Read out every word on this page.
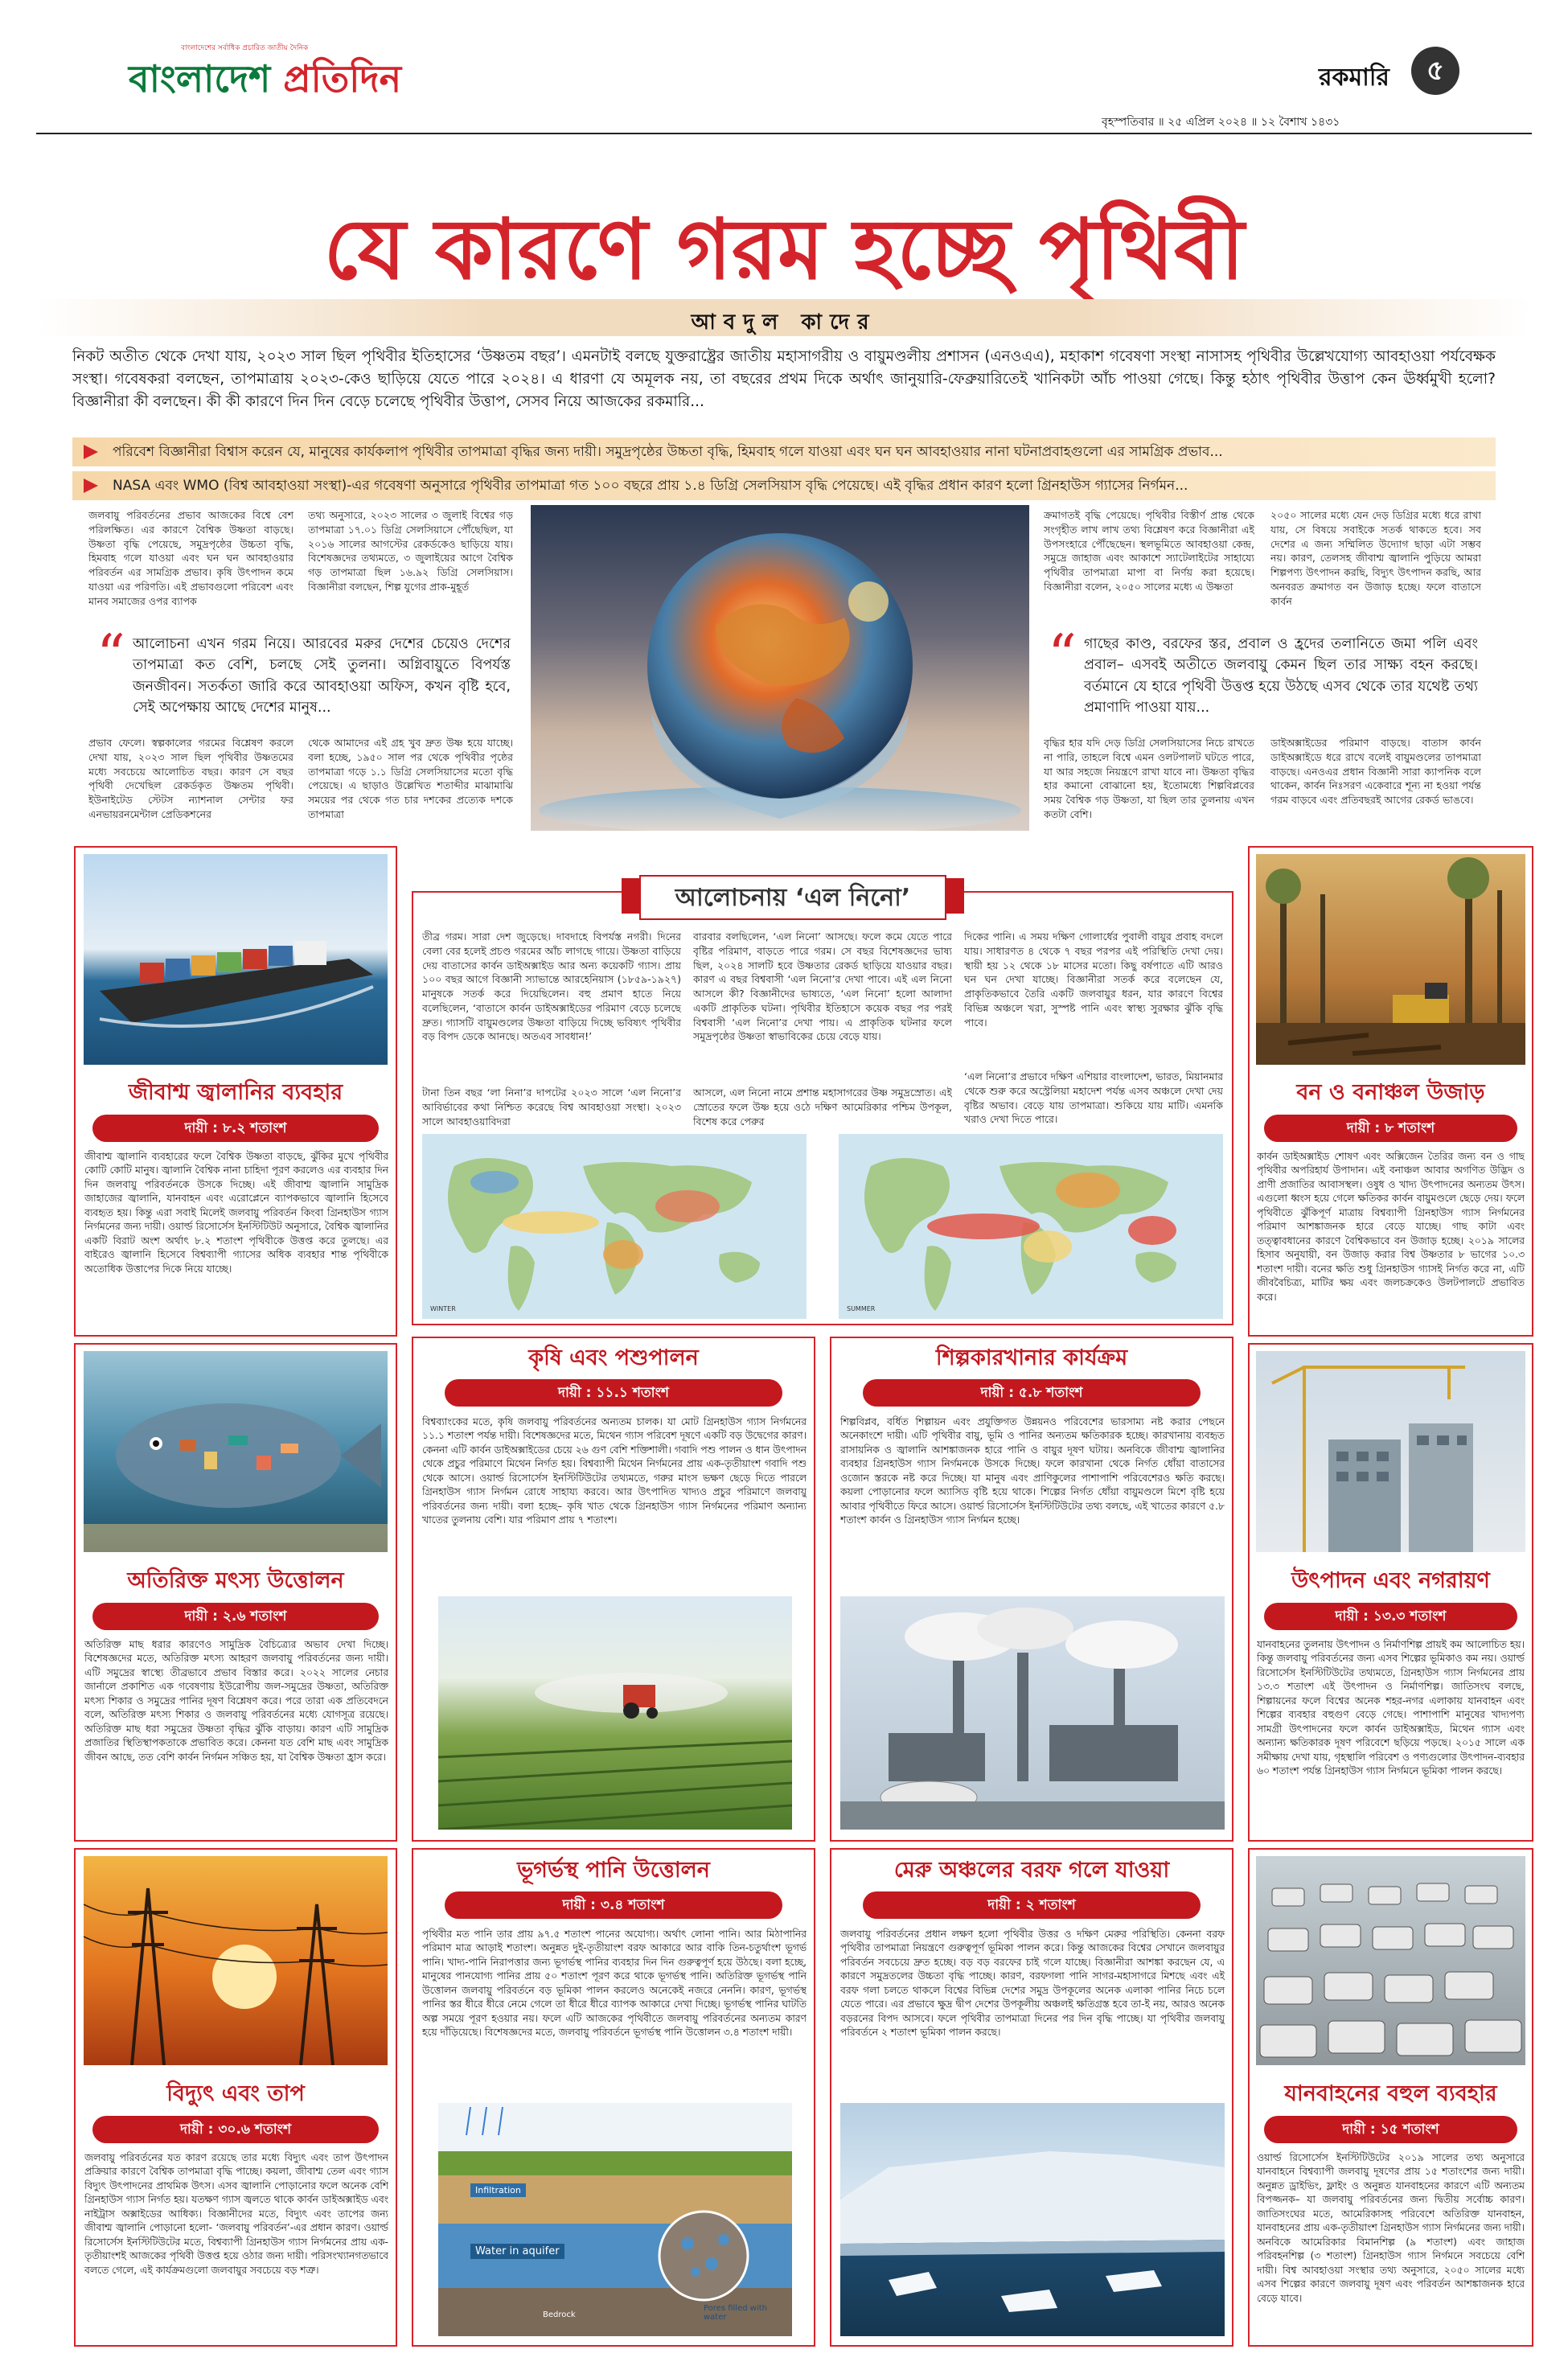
বাংলাদেশের সর্বাধিক প্রচারিত জাতীয় দৈনিক
বাংলাদেশ প্রতিদিন	রকমারি	৫
বৃহস্পতিবার ॥ ২৫ এপ্রিল ২০২৪ ॥ ১২ বৈশাখ ১৪৩১
যে কারণে গরম হচ্ছে পৃথিবী
আবদুল কাদের
নিকট অতীত থেকে দেখা যায়, ২০২৩ সাল ছিল পৃথিবীর ইতিহাসের ‘উষ্ণতম বছর’। এমনটাই বলছে যুক্তরাষ্ট্রের জাতীয় মহাসাগরীয় ও বায়ুমণ্ডলীয় প্রশাসন (এনওএএ), মহাকাশ গবেষণা সংস্থা নাসাসহ পৃথিবীর উল্লেখযোগ্য আবহাওয়া পর্যবেক্ষক সংস্থা। গবেষকরা বলছেন, তাপমাত্রায় ২০২৩-কেও ছাড়িয়ে যেতে পারে ২০২৪। এ ধারণা যে অমূলক নয়, তা বছরের প্রথম দিকে অর্থাৎ জানুয়ারি-ফেব্রুয়ারিতেই খানিকটা আঁচ পাওয়া গেছে। কিন্তু হঠাৎ পৃথিবীর উত্তাপ কেন ঊর্ধ্বমুখী হলো? বিজ্ঞানীরা কী বলছেন। কী কী কারণে দিন দিন বেড়ে চলেছে পৃথিবীর উত্তাপ, সেসব নিয়ে আজকের রকমারি...
পরিবেশ বিজ্ঞানীরা বিশ্বাস করেন যে, মানুষের কার্যকলাপ পৃথিবীর তাপমাত্রা বৃদ্ধির জন্য দায়ী। সমুদ্রপৃষ্ঠের উচ্চতা বৃদ্ধি, হিমবাহ গলে যাওয়া এবং ঘন ঘন আবহাওয়ার নানা ঘটনাপ্রবাহগুলো এর সামগ্রিক প্রভাব...
NASA এবং WMO (বিশ্ব আবহাওয়া সংস্থা)-এর গবেষণা অনুসারে পৃথিবীর তাপমাত্রা গত ১০০ বছরে প্রায় ১.৪ ডিগ্রি সেলসিয়াস বৃদ্ধি পেয়েছে। এই বৃদ্ধির প্রধান কারণ হলো গ্রিনহাউস গ্যাসের নির্গমন...
জলবায়ু পরিবর্তনের প্রভাব আজকের বিশ্বে বেশ পরিলক্ষিত। এর কারণে বৈশ্বিক উষ্ণতা বাড়ছে। উষ্ণতা বৃদ্ধি পেয়েছে, সমুদ্রপৃষ্ঠের উচ্চতা বৃদ্ধি, হিমবাহ গলে যাওয়া এবং ঘন ঘন আবহাওয়ার পরিবর্তন এর সামগ্রিক প্রভাব। কৃষি উৎপাদন কমে যাওয়া এর পরিণতি। এই প্রভাবগুলো পরিবেশ এবং মানব সমাজের ওপর ব্যাপক
তথ্য অনুসারে, ২০২৩ সালের ৩ জুলাই বিশ্বের গড় তাপমাত্রা ১৭.০১ ডিগ্রি সেলসিয়াসে পৌঁছেছিল, যা ২০১৬ সালের আগস্টের রেকর্ডকেও ছাড়িয়ে যায়। বিশেষজ্ঞদের তথ্যমতে, ৩ জুলাইয়ের আগে বৈশ্বিক গড় তাপমাত্রা ছিল ১৬.৯২ ডিগ্রি সেলসিয়াস। বিজ্ঞানীরা বলছেন, শিল্প যুগের প্রাক-মুহূর্ত
“ আলোচনা এখন গরম নিয়ে। আরবের মরুর দেশের চেয়েও দেশের তাপমাত্রা কত বেশি, চলছে সেই তুলনা। অগ্নিবায়ুতে বিপর্যস্ত জনজীবন। সতর্কতা জারি করে আবহাওয়া অফিস, কখন বৃষ্টি হবে, সেই অপেক্ষায় আছে দেশের মানুষ...
প্রভাব ফেলে। স্বল্পকালের গরমের বিশ্লেষণ করলে দেখা যায়, ২০২৩ সাল ছিল পৃথিবীর উষ্ণতমের মধ্যে সবচেয়ে আলোচিত বছর। কারণ সে বছর পৃথিবী দেখেছিল রেকর্ডকৃত উষ্ণতম পৃথিবী। ইউনাইটেড স্টেটস ন্যাশনাল সেন্টার ফর এনভায়রনমেন্টাল প্রেডিকশনের
থেকে আমাদের এই গ্রহ খুব দ্রুত উষ্ণ হয়ে যাচ্ছে। বলা হচ্ছে, ১৯৫০ সাল পর থেকে পৃথিবীর পৃষ্ঠের তাপমাত্রা গড়ে ১.১ ডিগ্রি সেলসিয়াসের মতো বৃদ্ধি পেয়েছে। এ ছাড়াও উল্লেখিত শতাব্দীর মাঝামাঝি সময়ের পর থেকে গত চার দশকের প্রত্যেক দশকে তাপমাত্রা
ক্রমাগতই বৃদ্ধি পেয়েছে। পৃথিবীর বিস্তীর্ণ প্রান্ত থেকে সংগৃহীত লাখ লাখ তথ্য বিশ্লেষণ করে বিজ্ঞানীরা এই উপসংহারে পৌঁছেছেন। স্থলভূমিতে আবহাওয়া কেন্দ্র, সমুদ্রে জাহাজ এবং আকাশে স্যাটেলাইটের সাহায্যে পৃথিবীর তাপমাত্রা মাপা বা নির্ণয় করা হয়েছে। বিজ্ঞানীরা বলেন, ২০৫০ সালের মধ্যে এ উষ্ণতা
২০৫০ সালের মধ্যে যেন দেড় ডিগ্রির মধ্যে ধরে রাখা যায়, সে বিষয়ে সবাইকে সতর্ক থাকতে হবে। সব দেশের এ জন্য সম্মিলিত উদ্যোগ ছাড়া এটা সম্ভব নয়। কারণ, তেলসহ জীবাশ্ম জ্বালানি পুড়িয়ে আমরা শিল্পপণ্য উৎপাদন করছি, বিদ্যুৎ উৎপাদন করছি, আর অনবরত ক্রমাগত বন উজাড় হচ্ছে। ফলে বাতাসে কার্বন
“ গাছের কাণ্ড, বরফের স্তর, প্রবাল ও হ্রদের তলানিতে জমা পলি এবং প্রবাল– এসবই অতীতে জলবায়ু কেমন ছিল তার সাক্ষ্য বহন করছে। বর্তমানে যে হারে পৃথিবী উত্তপ্ত হয়ে উঠছে এসব থেকে তার যথেষ্ট তথ্য প্রমাণাদি পাওয়া যায়...
বৃদ্ধির হার যদি দেড় ডিগ্রি সেলসিয়াসের নিচে রাখতে না পারি, তাহলে বিশ্বে এমন ওলটপালট ঘটতে পারে, যা আর সহজে নিয়ন্ত্রণে রাখা যাবে না। উষ্ণতা বৃদ্ধির হার কমানো বোঝানো হয়, ইতোমধ্যে শিল্পবিপ্লবের সময় বৈশ্বিক গড় উষ্ণতা, যা ছিল তার তুলনায় এখন কতটা বেশি।
ডাইঅক্সাইডের পরিমাণ বাড়ছে। বাতাস কার্বন ডাইঅক্সাইডে ধরে রাখে বলেই বায়ুমণ্ডলের তাপমাত্রা বাড়ছে। এনওএর প্রধান বিজ্ঞানী সারা ক্যাপনিক বলে থাকেন, কার্বন নিঃসরণ একেবারে শূন্য না হওয়া পর্যন্ত গরম বাড়বে এবং প্রতিবছরই আগের রেকর্ড ভাঙবে।
জীবাশ্ম জ্বালানির ব্যবহার
দায়ী : ৮.২ শতাংশ
জীবাশ্ম জ্বালানি ব্যবহারের ফলে বৈশ্বিক উষ্ণতা বাড়ছে, ঝুঁকির মুখে পৃথিবীর কোটি কোটি মানুষ। জ্বালানি বৈশ্বিক নানা চাহিদা পূরণ করলেও এর ব্যবহার দিন দিন জলবায়ু পরিবর্তনকে উসকে দিচ্ছে। এই জীবাশ্ম জ্বালানি সামুদ্রিক জাহাজের জ্বালানি, যানবাহন এবং এরোপ্লেনে ব্যাপকভাবে জ্বালানি হিসেবে ব্যবহৃত হয়। কিন্তু এরা সবাই মিলেই জলবায়ু পরিবর্তন কিংবা গ্রিনহাউস গ্যাস নির্গমনের জন্য দায়ী। ওয়ার্ল্ড রিসোর্সেস ইনস্টিটিউট অনুসারে, বৈশ্বিক জ্বালানির একটি বিরাট অংশ অর্থাৎ ৮.২ শতাংশ পৃথিবীকে উত্তপ্ত করে তুলছে। এর বাইরেও জ্বালানি হিসেবে বিশ্বব্যাপী গ্যাসের অধিক ব্যবহার শান্ত পৃথিবীকে অতোধিক উত্তাপের দিকে নিয়ে যাচ্ছে।
অতিরিক্ত মৎস্য উত্তোলন
দায়ী : ২.৬ শতাংশ
অতিরিক্ত মাছ ধরার কারণেও সামুদ্রিক বৈচিত্র্যের অভাব দেখা দিচ্ছে। বিশেষজ্ঞদের মতে, অতিরিক্ত মৎস্য আহরণ জলবায়ু পরিবর্তনের জন্য দায়ী। এটি সমুদ্রের স্বাস্থ্যে তীব্রভাবে প্রভাব বিস্তার করে। ২০২২ সালের নেচার জার্নালে প্রকাশিত এক গবেষণায় ইউরোপীয় জল-সমুদ্রের উষ্ণতা, অতিরিক্ত মৎস্য শিকার ও সমুদ্রের পানির দূষণ বিশ্লেষণ করে। পরে তারা এক প্রতিবেদনে বলে, অতিরিক্ত মৎস্য শিকার ও জলবায়ু পরিবর্তনের মধ্যে যোগসূত্র রয়েছে। অতিরিক্ত মাছ ধরা সমুদ্রের উষ্ণতা বৃদ্ধির ঝুঁকি বাড়ায়। কারণ এটি সামুদ্রিক প্রজাতির স্থিতিস্থাপকতাকে প্রভাবিত করে। কেননা যত বেশি মাছ এবং সামুদ্রিক জীবন আছে, তত বেশি কার্বন নির্গমন সঞ্চিত হয়, যা বৈশ্বিক উষ্ণতা হ্রাস করে।
বিদ্যুৎ এবং তাপ
দায়ী : ৩০.৬ শতাংশ
জলবায়ু পরিবর্তনের যত কারণ রয়েছে তার মধ্যে বিদ্যুৎ এবং তাপ উৎপাদন প্রক্রিয়ার কারণে বৈশ্বিক তাপমাত্রা বৃদ্ধি পাচ্ছে। কয়লা, জীবাশ্ম তেল এবং গ্যাস বিদ্যুৎ উৎপাদনের প্রাথমিক উৎস। এসব জ্বালানি পোড়ানোর ফলে অনেক বেশি গ্রিনহাউস গ্যাস নির্গত হয়। যতক্ষণ গ্যাস জ্বলতে থাকে কার্বন ডাইঅক্সাইড এবং নাইট্রাস অক্সাইডের আধিক্য। বিজ্ঞানীদের মতে, বিদ্যুৎ এবং তাপের জন্য জীবাশ্ম জ্বালানি পোড়ানো হলো- ‘জলবায়ু পরিবর্তন’-এর প্রধান কারণ। ওয়ার্ল্ড রিসোর্সেস ইনস্টিটিউটের মতে, বিশ্বব্যাপী গ্রিনহাউস গ্যাস নির্গমনের প্রায় এক-তৃতীয়াংশই আজকের পৃথিবী উত্তপ্ত হয়ে ওঠার জন্য দায়ী। পরিসংখ্যানগতভাবে বলতে গেলে, এই কার্যক্রমগুলো জলবায়ুর সবচেয়ে বড় শত্রু।
বন ও বনাঞ্চল উজাড়
দায়ী : ৮ শতাংশ
কার্বন ডাইঅক্সাইড শোষণ এবং অক্সিজেন তৈরির জন্য বন ও গাছ পৃথিবীর অপরিহার্য উপাদান। এই বনাঞ্চল আবার অগণিত উদ্ভিদ ও প্রাণী প্রজাতির আবাসস্থল। ওষুধ ও খাদ্য উৎপাদনের অন্যতম উৎস। এগুলো ধ্বংস হয়ে গেলে ক্ষতিকর কার্বন বায়ুমণ্ডলে ছেড়ে দেয়। ফলে পৃথিবীতে ঝুঁকিপূর্ণ মাত্রায় বিশ্বব্যাপী গ্রিনহাউস গ্যাস নির্গমনের পরিমাণ আশঙ্কাজনক হারে বেড়ে যাচ্ছে। গাছ কাটা এবং তত্ত্বাবধানের কারণে বৈশ্বিকভাবে বন উজাড় হচ্ছে। ২০১৯ সালের হিসাব অনুযায়ী, বন উজাড় করার বিশ্ব উষ্ণতার ৮ ভাগের ১০.৩ শতাংশ দায়ী। বনের ক্ষতি শুধু গ্রিনহাউস গ্যাসই নির্গত করে না, এটি জীববৈচিত্র্য, মাটির ক্ষয় এবং জলচক্রকেও উলটপালটে প্রভাবিত করে।
উৎপাদন এবং নগরায়ণ
দায়ী : ১৩.৩ শতাংশ
যানবাহনের তুলনায় উৎপাদন ও নির্মাণশিল্প প্রায়ই কম আলোচিত হয়। কিন্তু জলবায়ু পরিবর্তনের জন্য এসব শিল্পের ভূমিকাও কম নয়। ওয়ার্ল্ড রিসোর্সেস ইনস্টিটিউটের তথ্যমতে, গ্রিনহাউস গ্যাস নির্গমনের প্রায় ১৩.৩ শতাংশ এই উৎপাদন ও নির্মাণশিল্প। জাতিসংঘ বলছে, শিল্পায়নের ফলে বিশ্বের অনেক শহর-নগর এলাকায় যানবাহন এবং শিল্পের ব্যবহার বহুগুণ বেড়ে গেছে। পাশাপাশি মানুষের খাদ্যপণ্য সামগ্রী উৎপাদনের ফলে কার্বন ডাইঅক্সাইড, মিথেন গ্যাস এবং অন্যান্য ক্ষতিকারক দূষণ পরিবেশে ছড়িয়ে পড়ছে। ২০১৫ সালে এক সমীক্ষায় দেখা যায়, গৃহস্থালি পরিবেশ ও পণ্যগুলোর উৎপাদন-ব্যবহার ৬০ শতাংশ পর্যন্ত গ্রিনহাউস গ্যাস নির্গমনে ভূমিকা পালন করছে।
যানবাহনের বহুল ব্যবহার
দায়ী : ১৫ শতাংশ
ওয়ার্ল্ড রিসোর্সেস ইনস্টিটিউটের ২০১৯ সালের তথ্য অনুসারে যানবাহনে বিশ্বব্যাপী জলবায়ু দূষণের প্রায় ১৫ শতাংশের জন্য দায়ী। অনুন্নত ড্রাইভিং, ফ্লাইং ও অনুন্নত যানবাহনের কারণে এটি অন্যতম বিপজ্জনক– যা জলবায়ু পরিবর্তনের জন্য দ্বিতীয় সর্বোচ্চ কারণ। জাতিসংঘের মতে, আমেরিকাসহ পরিবেশে অতিরিক্ত যানবাহন, যানবাহনের প্রায় এক-তৃতীয়াংশ গ্রিনহাউস গ্যাস নির্গমনের জন্য দায়ী। অনবিকে আমেরিকার বিমানশিল্প (৯ শতাংশ) এবং জাহাজ পরিবহনশিল্প (৩ শতাংশ) গ্রিনহাউস গ্যাস নির্গমনে সবচেয়ে বেশি দায়ী। বিশ্ব আবহাওয়া সংস্থার তথ্য অনুসারে, ২০৫০ সালের মধ্যে এসব শিল্পের কারণে জলবায়ু দূষণ এবং পরিবর্তন আশঙ্কাজনক হারে বেড়ে যাবে।
আলোচনায় ‘এল নিনো’
তীব্র গরম। সারা দেশ জুড়েছে। দাবদাহে বিপর্যস্ত নগরী। দিনের বেলা বের হলেই প্রচণ্ড গরমের আঁচ লাগছে গায়ে। উষ্ণতা বাড়িয়ে দেয় বাতাসের কার্বন ডাইঅক্সাইড আর অন্য কয়েকটি গ্যাস। প্রায় ১০০ বছর আগে বিজ্ঞানী স্যাভান্তে আরহেনিয়াস (১৮৫৯-১৯২৭) মানুষকে সতর্ক করে দিয়েছিলেন। বহু প্রমাণ হাতে নিয়ে বলেছিলেন, ‘বাতাসে কার্বন ডাইঅক্সাইডের পরিমাণ বেড়ে চলেছে দ্রুত। গ্যাসটি বায়ুমণ্ডলের উষ্ণতা বাড়িয়ে দিচ্ছে ভবিষ্যৎ পৃথিবীর বড় বিপদ ডেকে আনছে। অতএব সাবধান!’
টানা তিন বছর ‘লা নিনা’র দাপটের ২০২৩ সালে ‘এল নিনো’র আবির্ভাবের কথা নিশ্চিত করেছে বিশ্ব আবহাওয়া সংস্থা। ২০২৩ সালে আবহাওয়াবিদরা
বারবার বলছিলেন, ‘এল নিনো’ আসছে। ফলে কমে যেতে পারে বৃষ্টির পরিমাণ, বাড়তে পারে গরম। সে বছর বিশেষজ্ঞদের ভাষ্য ছিল, ২০২৪ সালটি হবে উষ্ণতার রেকর্ড ছাড়িয়ে যাওয়ার বছর। কারণ এ বছর বিশ্ববাসী ‘এল নিনো’র দেখা পাবে। এই এল নিনো আসলে কী? বিজ্ঞানীদের ভাষ্যতে, ‘এল নিনো’ হলো আলাদা একটি প্রাকৃতিক ঘটনা। পৃথিবীর ইতিহাসে কয়েক বছর পর পরই বিশ্ববাসী ‘এল নিনো’র দেখা পায়। এ প্রাকৃতিক ঘটনার ফলে সমুদ্রপৃষ্ঠের উষ্ণতা স্বাভাবিকের চেয়ে বেড়ে যায়।
আসলে, এল নিনো নামে প্রশান্ত মহাসাগরের উষ্ণ সমুদ্রস্রোত। এই স্রোতের ফলে উষ্ণ হয়ে ওঠে দক্ষিণ আমেরিকার পশ্চিম উপকূল, বিশেষ করে পেরুর
দিকের পানি। এ সময় দক্ষিণ গোলার্ধের পুবালী বায়ুর প্রবাহ বদলে যায়। সাধারণত ৪ থেকে ৭ বছর পরপর এই পরিস্থিতি দেখা দেয়। স্থায়ী হয় ১২ থেকে ১৮ মাসের মতো। কিছু বর্ষপাতে এটি আরও ঘন ঘন দেখা যাচ্ছে। বিজ্ঞানীরা সতর্ক করে বলেছেন যে, প্রাকৃতিকভাবে তৈরি একটি জলবায়ুর ধরন, যার কারণে বিশ্বের বিভিন্ন অঞ্চলে খরা, সুস্পষ্ট পানি এবং স্বাস্থ্য সুরক্ষার ঝুঁকি বৃদ্ধি পাবে।
‘এল নিনো’র প্রভাবে দক্ষিণ এশিয়ার বাংলাদেশ, ভারত, মিয়ানমার থেকে শুরু করে অস্ট্রেলিয়া মহাদেশ পর্যন্ত এসব অঞ্চলে দেখা দেয় বৃষ্টির অভাব। বেড়ে যায় তাপমাত্রা। শুকিয়ে যায় মাটি। এমনকি খরাও দেখা দিতে পারে।
WINTER	SUMMER
কৃষি এবং পশুপালন
দায়ী : ১১.১ শতাংশ
বিশ্বব্যাংকের মতে, কৃষি জলবায়ু পরিবর্তনের অন্যতম চালক। যা মোট গ্রিনহাউস গ্যাস নির্গমনের ১১.১ শতাংশ পর্যন্ত দায়ী। বিশেষজ্ঞদের মতে, মিথেন গ্যাস পরিবেশ দূষণে একটি বড় উদ্বেগের কারণ। কেননা এটি কার্বন ডাইঅক্সাইডের চেয়ে ২৬ গুণ বেশি শক্তিশালী। গবাদি পশু পালন ও ধান উৎপাদন থেকে প্রচুর পরিমাণে মিথেন নির্গত হয়। বিশ্বব্যাপী মিথেন নির্গমনের প্রায় এক-তৃতীয়াংশ গবাদি পশু থেকে আসে। ওয়ার্ল্ড রিসোর্সেস ইনস্টিটিউটের তথ্যমতে, গরুর মাংস ভক্ষণ ছেড়ে দিতে পারলে গ্রিনহাউস গ্যাস নির্গমন রোধে সাহায্য করবে। আর উৎপাদিত খাদ্যও প্রচুর পরিমাণে জলবায়ু পরিবর্তনের জন্য দায়ী। বলা হচ্ছে– কৃষি খাত থেকে গ্রিনহাউস গ্যাস নির্গমনের পরিমাণ অন্যান্য খাতের তুলনায় বেশি। যার পরিমাণ প্রায় ৭ শতাংশ।
শিল্পকারখানার কার্যক্রম
দায়ী : ৫.৮ শতাংশ
শিল্পবিপ্লব, বর্ধিত শিল্পায়ন এবং প্রযুক্তিগত উন্নয়নও পরিবেশের ভারসাম্য নষ্ট করার পেছনে অনেকাংশে দায়ী। এটি পৃথিবীর বায়ু, ভূমি ও পানির অন্যতম ক্ষতিকারক হচ্ছে। কারখানায় ব্যবহৃত রাসায়নিক ও জ্বালানি আশঙ্কাজনক হারে পানি ও বায়ুর দূষণ ঘটায়। অনবিকে জীবাশ্ম জ্বালানির ব্যবহার গ্রিনহাউস গ্যাস নির্গমনকে উসকে দিচ্ছে। ফলে কারখানা থেকে নির্গত ধোঁয়া বাতাসের ওজোন স্তরকে নষ্ট করে দিচ্ছে। যা মানুষ এবং প্রাণিকুলের পাশাপাশি পরিবেশেরও ক্ষতি করছে। কয়লা পোড়ানোর ফলে অ্যাসিড বৃষ্টি হয়ে থাকে। শিল্পের নির্গত ধোঁয়া বায়ুমণ্ডলে মিশে বৃষ্টি হয়ে আবার পৃথিবীতে ফিরে আসে। ওয়ার্ল্ড রিসোর্সেস ইনস্টিটিউটের তথ্য বলছে, এই খাতের কারণে ৫.৮ শতাংশ কার্বন ও গ্রিনহাউস গ্যাস নির্গমন হচ্ছে।
ভূগর্ভস্থ পানি উত্তোলন
দায়ী : ৩.৪ শতাংশ
পৃথিবীর মত পানি তার প্রায় ৯৭.৫ শতাংশ পানের অযোগ্য। অর্থাৎ লোনা পানি। আর মিঠাপানির পরিমাণ মাত্র আড়াই শতাংশ। অনুন্নত দুই-তৃতীয়াংশ বরফ আকারে আর বাকি তিন-চতুর্থাংশ ভূগর্ভ পানি। খাদ্য-পানি নিরাপত্তার জন্য ভূগর্ভস্থ পানির ব্যবহার দিন দিন গুরুত্বপূর্ণ হয়ে উঠছে। বলা হচ্ছে, মানুষের পানযোগ্য পানির প্রায় ৫০ শতাংশ পূরণ করে থাকে ভূগর্ভস্থ পানি। অতিরিক্ত ভূগর্ভস্থ পানি উত্তোলন জলবায়ু পরিবর্তনে বড় ভূমিকা পালন করলেও অনেকেই নজরে নেননি। কারণ, ভূগর্ভস্থ পানির স্তর ধীরে ধীরে নেমে গেলে তা ধীরে ধীরে ব্যাপক আকারে দেখা দিচ্ছে। ভূগর্ভস্থ পানির ঘাটতি অল্প সময়ে পূরণ হওয়ার নয়। ফলে এটি আজকের পৃথিবীতে জলবায়ু পরিবর্তনের অন্যতম কারণ হয়ে দাঁড়িয়েছে। বিশেষজ্ঞদের মতে, জলবায়ু পরিবর্তনে ভূগর্ভস্থ পানি উত্তোলন ৩.৪ শতাংশ দায়ী।
Infiltration
Water in aquifer
Pores filled with water
Bedrock
মেরু অঞ্চলের বরফ গলে যাওয়া
দায়ী : ২ শতাংশ
জলবায়ু পরিবর্তনের প্রধান লক্ষণ হলো পৃথিবীর উত্তর ও দক্ষিণ মেরুর পরিস্থিতি। কেননা বরফ পৃথিবীর তাপমাত্রা নিয়ন্ত্রণে গুরুত্বপূর্ণ ভূমিকা পালন করে। কিন্তু আজকের বিশ্বের সেখানে জলবায়ুর পরিবর্তন সবচেয়ে দ্রুত হচ্ছে। বড় বড় বরফের চাই গলে যাচ্ছে। বিজ্ঞানীরা আশঙ্কা করছেন যে, এ কারণে সমুদ্রতলের উচ্চতা বৃদ্ধি পাচ্ছে। কারণ, বরফগলা পানি সাগর-মহাসাগরে মিশছে এবং এই বরফ গলা চলতে থাকলে বিশ্বের বিভিন্ন দেশের সমুদ্র উপকূলের অনেক এলাকা পানির নিচে চলে যেতে পারে। এর প্রভাবে ক্ষুদ্র দ্বীপ দেশের উপকূলীয় অঞ্চলই ক্ষতিগ্রস্ত হবে তা-ই নয়, আরও অনেক বড়রনের বিপদ আসবে। ফলে পৃথিবীর তাপমাত্রা দিনের পর দিন বৃদ্ধি পাচ্ছে। যা পৃথিবীর জলবায়ু পরিবর্তনে ২ শতাংশ ভূমিকা পালন করছে।
